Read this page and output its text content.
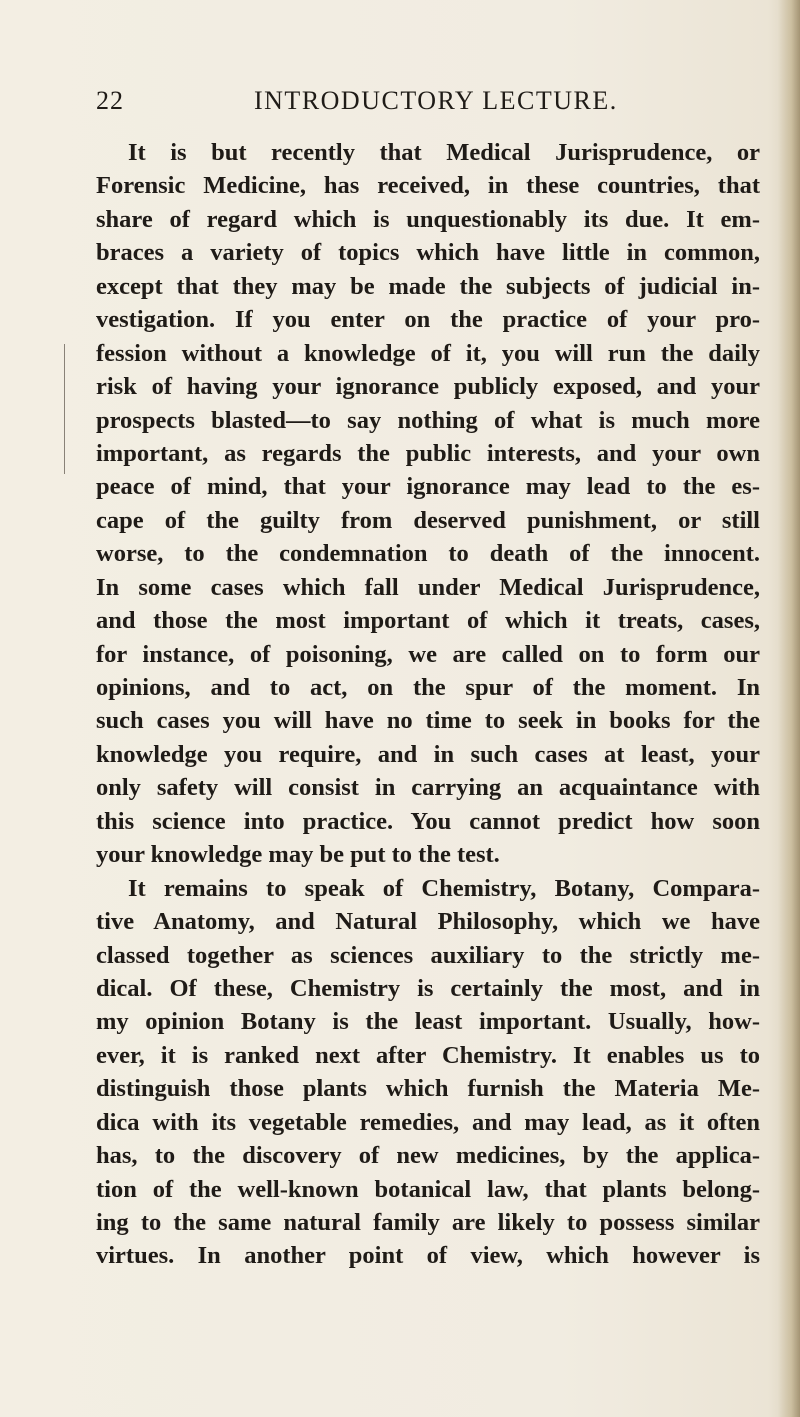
22	INTRODUCTORY LECTURE.
It is but recently that Medical Jurisprudence, or
Forensic Medicine, has received, in these countries, that
share of regard which is unquestionably its due. It em-
braces a variety of topics which have little in common,
except that they may be made the subjects of judicial in-
vestigation. If you enter on the practice of your pro-
fession without a knowledge of it, you will run the daily
risk of having your ignorance publicly exposed, and your
prospects blasted—to say nothing of what is much more
important, as regards the public interests, and your own
peace of mind, that your ignorance may lead to the es-
cape of the guilty from deserved punishment, or still
worse, to the condemnation to death of the innocent.
In some cases which fall under Medical Jurisprudence,
and those the most important of which it treats, cases,
for instance, of poisoning, we are called on to form our
opinions, and to act, on the spur of the moment. In
such cases you will have no time to seek in books for the
knowledge you require, and in such cases at least, your
only safety will consist in carrying an acquaintance with
this science into practice. You cannot predict how soon
your knowledge may be put to the test.
It remains to speak of Chemistry, Botany, Compara-
tive Anatomy, and Natural Philosophy, which we have
classed together as sciences auxiliary to the strictly me-
dical. Of these, Chemistry is certainly the most, and in
my opinion Botany is the least important. Usually, how-
ever, it is ranked next after Chemistry. It enables us to
distinguish those plants which furnish the Materia Me-
dica with its vegetable remedies, and may lead, as it often
has, to the discovery of new medicines, by the applica-
tion of the well-known botanical law, that plants belong-
ing to the same natural family are likely to possess similar
virtues. In another point of view, which however is
